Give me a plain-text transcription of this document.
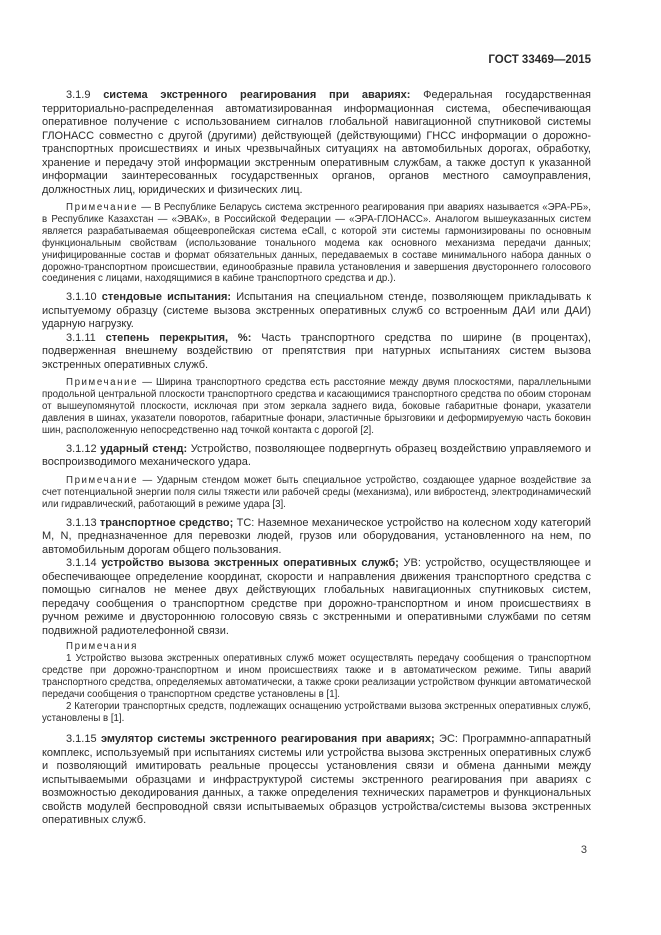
ГОСТ 33469—2015

3.1.9 система экстренного реагирования при авариях: Федеральная государственная территориально-распределенная автоматизированная информационная система, обеспечивающая оперативное получение с использованием сигналов глобальной навигационной спутниковой системы ГЛОНАСС совместно с другой (другими) действующей (действующими) ГНСС информации о дорожно-транспортных происшествиях и иных чрезвычайных ситуациях на автомобильных дорогах, обработку, хранение и передачу этой информации экстренным оперативным службам, а также доступ к указанной информации заинтересованных государственных органов, органов местного самоуправления, должностных лиц, юридических и физических лиц.

Примечание — В Республике Беларусь система экстренного реагирования при авариях называется «ЭРА-РБ», в Республике Казахстан — «ЭВАК», в Российской Федерации — «ЭРА-ГЛОНАСС». Аналогом вышеуказанных систем является разрабатываемая общеевропейская система eCall, с которой эти системы гармонизированы по основным функциональным свойствам (использование тонального модема как основного механизма передачи данных; унифицированные состав и формат обязательных данных, передаваемых в составе минимального набора данных о дорожно-транспортном происшествии, единообразные правила установления и завершения двустороннего голосового соединения с лицами, находящимися в кабине транспортного средства и др.).

3.1.10 стендовые испытания: Испытания на специальном стенде, позволяющем прикладывать к испытуемому образцу (системе вызова экстренных оперативных служб со встроенным ДАИ или ДАИ) ударную нагрузку.

3.1.11 степень перекрытия, %: Часть транспортного средства по ширине (в процентах), подверженная внешнему воздействию от препятствия при натурных испытаниях систем вызова экстренных оперативных служб.

Примечание — Ширина транспортного средства есть расстояние между двумя плоскостями, параллельными продольной центральной плоскости транспортного средства и касающимися транспортного средства по обоим сторонам от вышеупомянутой плоскости, исключая при этом зеркала заднего вида, боковые габаритные фонари, указатели давления в шинах, указатели поворотов, габаритные фонари, эластичные брызговики и деформируемую часть боковин шин, расположенную непосредственно над точкой контакта с дорогой [2].

3.1.12 ударный стенд: Устройство, позволяющее подвергнуть образец воздействию управляемого и воспроизводимого механического удара.

Примечание — Ударным стендом может быть специальное устройство, создающее ударное воздействие за счет потенциальной энергии поля силы тяжести или рабочей среды (механизма), или вибростенд, электродинамический или гидравлический, работающий в режиме удара [3].

3.1.13 транспортное средство; ТС: Наземное механическое устройство на колесном ходу категорий M, N, предназначенное для перевозки людей, грузов или оборудования, установленного на нем, по автомобильным дорогам общего пользования.

3.1.14 устройство вызова экстренных оперативных служб; УВ: устройство, осуществляющее и обеспечивающее определение координат, скорости и направления движения транспортного средства с помощью сигналов не менее двух действующих глобальных навигационных спутниковых систем, передачу сообщения о транспортном средстве при дорожно-транспортном и ином происшествиях в ручном режиме и двустороннюю голосовую связь с экстренными и оперативными службами по сетям подвижной радиотелефонной связи.

Примечания

1 Устройство вызова экстренных оперативных служб может осуществлять передачу сообщения о транспортном средстве при дорожно-транспортном и ином происшествиях также и в автоматическом режиме. Типы аварий транспортного средства, определяемых автоматически, а также сроки реализации устройством функции автоматической передачи сообщения о транспортном средстве установлены в [1].

2 Категории транспортных средств, подлежащих оснащению устройствами вызова экстренных оперативных служб, установлены в [1].

3.1.15 эмулятор системы экстренного реагирования при авариях; ЭС: Программно-аппаратный комплекс, используемый при испытаниях системы или устройства вызова экстренных оперативных служб и позволяющий имитировать реальные процессы установления связи и обмена данными между испытываемыми образцами и инфраструктурой системы экстренного реагирования при авариях с возможностью декодирования данных, а также определения технических параметров и функциональных свойств модулей беспроводной связи испытываемых образцов устройства/системы вызова экстренных оперативных служб.

3
